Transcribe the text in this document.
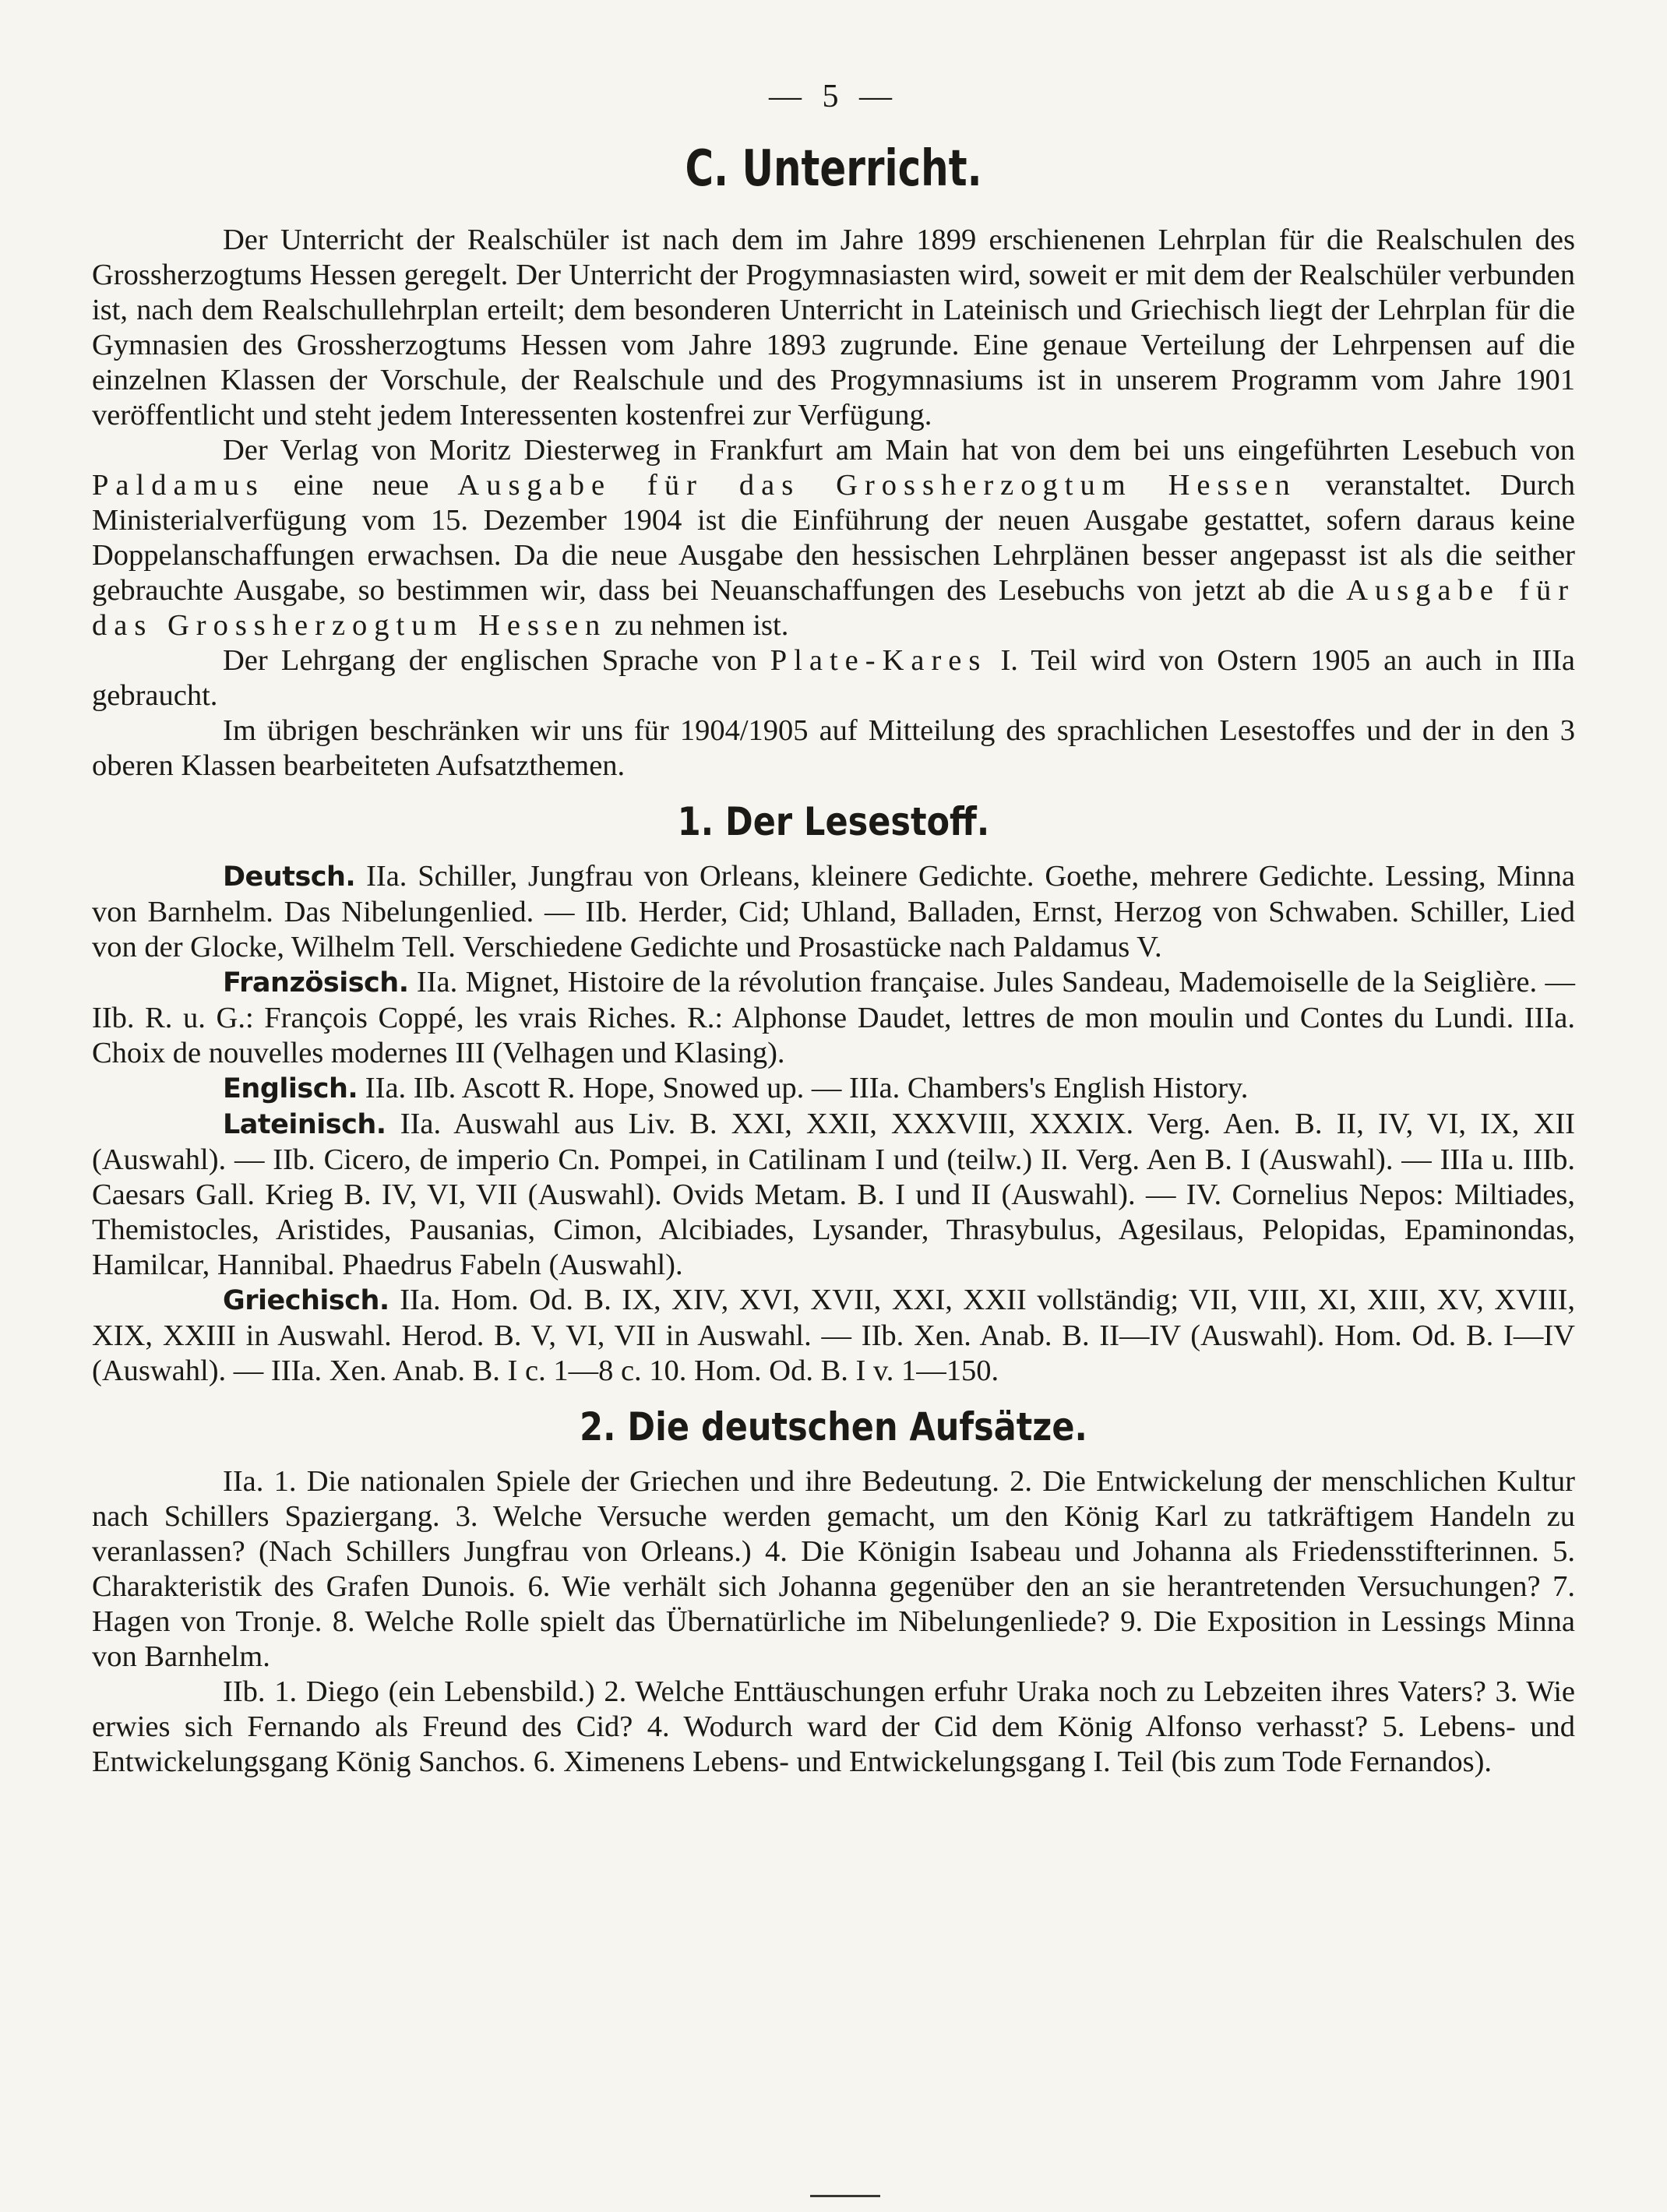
— 5 —
C. Unterricht.

Der Unterricht der Realschüler ist nach dem im Jahre 1899 erschienenen Lehrplan für die Realschulen des Grossherzogtums Hessen geregelt. Der Unterricht der Progymnasiasten wird, soweit er mit dem der Realschüler verbunden ist, nach dem Realschullehrplan erteilt; dem besonderen Unterricht in Lateinisch und Griechisch liegt der Lehrplan für die Gymnasien des Grossherzogtums Hessen vom Jahre 1893 zugrunde. Eine genaue Verteilung der Lehrpensen auf die einzelnen Klassen der Vorschule, der Realschule und des Progymnasiums ist in unserem Programm vom Jahre 1901 veröffentlicht und steht jedem Interessenten kostenfrei zur Verfügung.

Der Verlag von Moritz Diesterweg in Frankfurt am Main hat von dem bei uns eingeführten Lesebuch von Paldamus eine neue Ausgabe für das Grossherzogtum Hessen veranstaltet. Durch Ministerialverfügung vom 15. Dezember 1904 ist die Einführung der neuen Ausgabe gestattet, sofern daraus keine Doppelanschaffungen erwachsen. Da die neue Ausgabe den hessischen Lehrplänen besser angepasst ist als die seither gebrauchte Ausgabe, so bestimmen wir, dass bei Neuanschaffungen des Lesebuchs von jetzt ab die Ausgabe für das Grossherzogtum Hessen zu nehmen ist.

Der Lehrgang der englischen Sprache von Plate-Kares I. Teil wird von Ostern 1905 an auch in IIIa gebraucht.

Im übrigen beschränken wir uns für 1904/1905 auf Mitteilung des sprachlichen Lesestoffes und der in den 3 oberen Klassen bearbeiteten Aufsatzthemen.

1. Der Lesestoff.

Deutsch. IIa. Schiller, Jungfrau von Orleans, kleinere Gedichte. Goethe, mehrere Gedichte. Lessing, Minna von Barnhelm. Das Nibelungenlied. — IIb. Herder, Cid; Uhland, Balladen, Ernst, Herzog von Schwaben. Schiller, Lied von der Glocke, Wilhelm Tell. Verschiedene Gedichte und Prosastücke nach Paldamus V.

Französisch. IIa. Mignet, Histoire de la révolution française. Jules Sandeau, Mademoiselle de la Seiglière. — IIb. R. u. G.: François Coppé, les vrais Riches. R.: Alphonse Daudet, lettres de mon moulin und Contes du Lundi. IIIa. Choix de nouvelles modernes III (Velhagen und Klasing).

Englisch. IIa. IIb. Ascott R. Hope, Snowed up. — IIIa. Chambers's English History.

Lateinisch. IIa. Auswahl aus Liv. B. XXI, XXII, XXXVIII, XXXIX. Verg. Aen. B. II, IV, VI, IX, XII (Auswahl). — IIb. Cicero, de imperio Cn. Pompei, in Catilinam I und (teilw.) II. Verg. Aen B. I (Auswahl). — IIIa u. IIIb. Caesars Gall. Krieg B. IV, VI, VII (Auswahl). Ovids Metam. B. I und II (Auswahl). — IV. Cornelius Nepos: Miltiades, Themistocles, Aristides, Pausanias, Cimon, Alcibiades, Lysander, Thrasybulus, Agesilaus, Pelopidas, Epaminondas, Hamilcar, Hannibal. Phaedrus Fabeln (Auswahl).

Griechisch. IIa. Hom. Od. B. IX, XIV, XVI, XVII, XXI, XXII vollständig; VII, VIII, XI, XIII, XV, XVIII, XIX, XXIII in Auswahl. Herod. B. V, VI, VII in Auswahl. — IIb. Xen. Anab. B. II—IV (Auswahl). Hom. Od. B. I—IV (Auswahl). — IIIa. Xen. Anab. B. I c. 1—8 c. 10. Hom. Od. B. I v. 1—150.

2. Die deutschen Aufsätze.

IIa. 1. Die nationalen Spiele der Griechen und ihre Bedeutung. 2. Die Entwickelung der menschlichen Kultur nach Schillers Spaziergang. 3. Welche Versuche werden gemacht, um den König Karl zu tatkräftigem Handeln zu veranlassen? (Nach Schillers Jungfrau von Orleans.) 4. Die Königin Isabeau und Johanna als Friedensstifterinnen. 5. Charakteristik des Grafen Dunois. 6. Wie verhält sich Johanna gegenüber den an sie herantretenden Versuchungen? 7. Hagen von Tronje. 8. Welche Rolle spielt das Übernatürliche im Nibelungenliede? 9. Die Exposition in Lessings Minna von Barnhelm.

IIb. 1. Diego (ein Lebensbild.) 2. Welche Enttäuschungen erfuhr Uraka noch zu Lebzeiten ihres Vaters? 3. Wie erwies sich Fernando als Freund des Cid? 4. Wodurch ward der Cid dem König Alfonso verhasst? 5. Lebens- und Entwickelungsgang König Sanchos. 6. Ximenens Lebens- und Entwickelungsgang I. Teil (bis zum Tode Fernandos).
